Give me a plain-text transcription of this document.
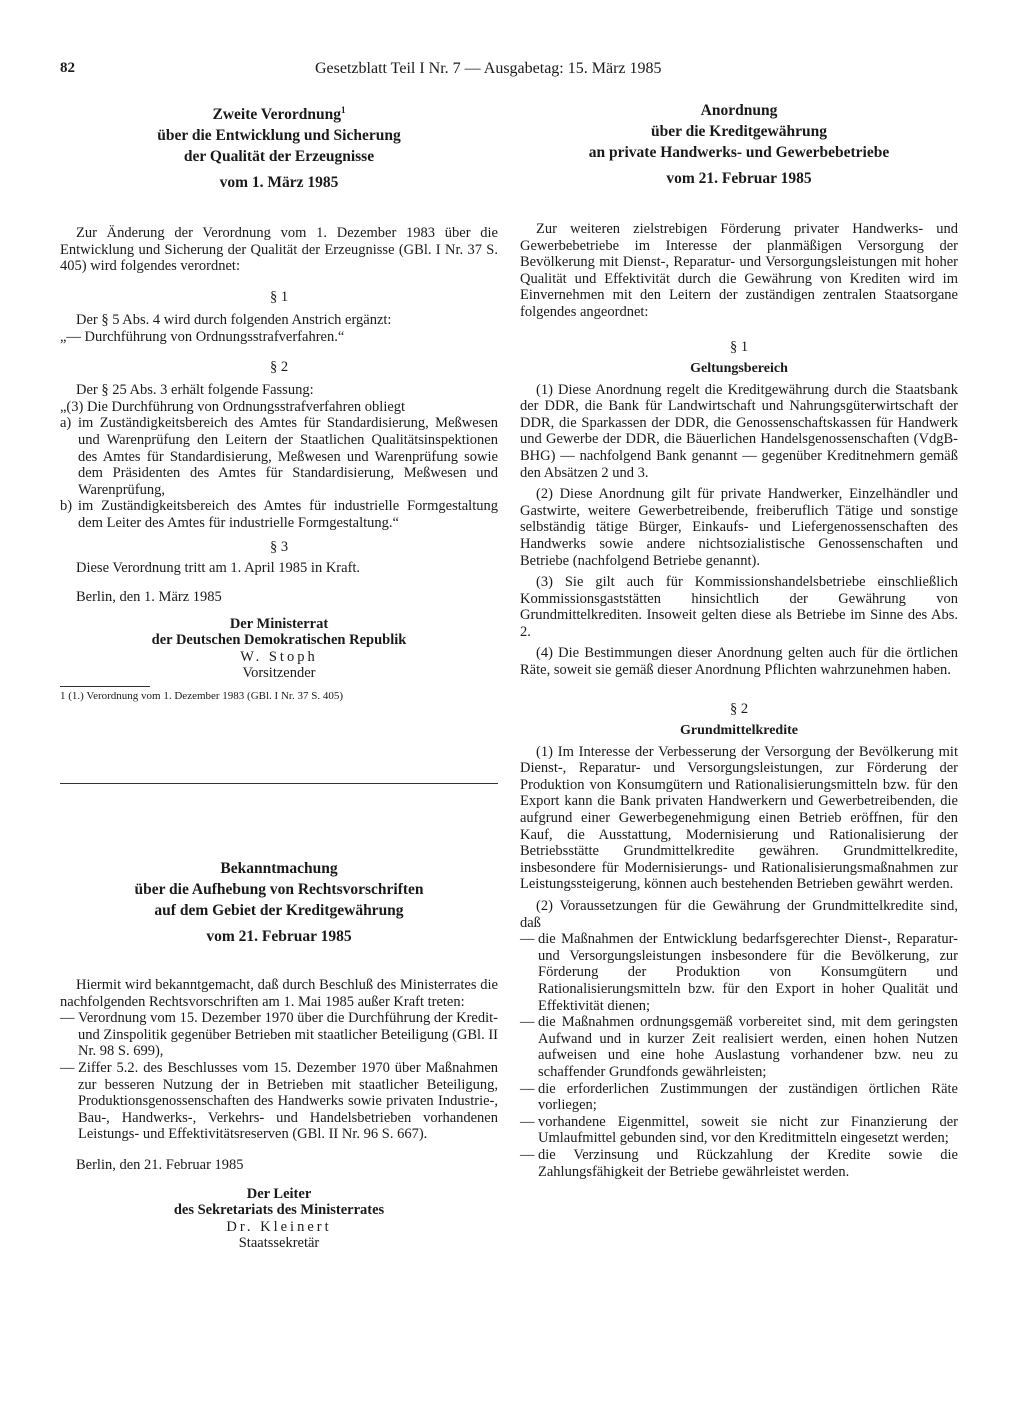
82	Gesetzblatt Teil I Nr. 7 — Ausgabetag: 15. März 1985
Zweite Verordnung$^1$
über die Entwicklung und Sicherung
der Qualität der Erzeugnisse
vom 1. März 1985

Zur Änderung der Verordnung vom 1. Dezember 1983 über die Entwicklung und Sicherung der Qualität der Erzeugnisse (GBl. I Nr. 37 S. 405) wird folgendes verordnet:

§ 1

Der § 5 Abs. 4 wird durch folgenden Anstrich ergänzt:

„— Durchführung von Ordnungsstrafverfahren.“

§ 2

Der § 25 Abs. 3 erhält folgende Fassung:

„(3) Die Durchführung von Ordnungsstrafverfahren obliegt

a) im Zuständigkeitsbereich des Amtes für Standardisierung, Meßwesen und Warenprüfung den Leitern der Staatlichen Qualitätsinspektionen des Amtes für Standardisierung, Meßwesen und Warenprüfung sowie dem Präsidenten des Amtes für Standardisierung, Meßwesen und Warenprüfung,
b) im Zuständigkeitsbereich des Amtes für industrielle Formgestaltung dem Leiter des Amtes für industrielle Formgestaltung.“
§ 3

Diese Verordnung tritt am 1. April 1985 in Kraft.

Berlin, den 1. März 1985

Der Ministerrat
der Deutschen Demokratischen Republik
W. Stoph
Vorsitzender
1 (1.) Verordnung vom 1. Dezember 1983 (GBl. I Nr. 37 S. 405)
Bekanntmachung
über die Aufhebung von Rechtsvorschriften
auf dem Gebiet der Kreditgewährung
vom 21. Februar 1985

Hiermit wird bekanntgemacht, daß durch Beschluß des Ministerrates die nachfolgenden Rechtsvorschriften am 1. Mai 1985 außer Kraft treten:

— Verordnung vom 15. Dezember 1970 über die Durchführung der Kredit- und Zinspolitik gegenüber Betrieben mit staatlicher Beteiligung (GBl. II Nr. 98 S. 699),
— Ziffer 5.2. des Beschlusses vom 15. Dezember 1970 über Maßnahmen zur besseren Nutzung der in Betrieben mit staatlicher Beteiligung, Produktionsgenossenschaften des Handwerks sowie privaten Industrie-, Bau-, Handwerks-, Verkehrs- und Handelsbetrieben vorhandenen Leistungs- und Effektivitätsreserven (GBl. II Nr. 96 S. 667).

Berlin, den 21. Februar 1985

Der Leiter
des Sekretariats des Ministerrates
Dr. Kleinert
Staatssekretär
Anordnung
über die Kreditgewährung
an private Handwerks- und Gewerbebetriebe
vom 21. Februar 1985

Zur weiteren zielstrebigen Förderung privater Handwerks- und Gewerbebetriebe im Interesse der planmäßigen Versorgung der Bevölkerung mit Dienst-, Reparatur- und Versorgungsleistungen mit hoher Qualität und Effektivität durch die Gewährung von Krediten wird im Einvernehmen mit den Leitern der zuständigen zentralen Staatsorgane folgendes angeordnet:

§ 1
Geltungsbereich

(1) Diese Anordnung regelt die Kreditgewährung durch die Staatsbank der DDR, die Bank für Landwirtschaft und Nahrungsgüterwirtschaft der DDR, die Sparkassen der DDR, die Genossenschaftskassen für Handwerk und Gewerbe der DDR, die Bäuerlichen Handelsgenossenschaften (VdgB-BHG) — nachfolgend Bank genannt — gegenüber Kreditnehmern gemäß den Absätzen 2 und 3.

(2) Diese Anordnung gilt für private Handwerker, Einzelhändler und Gastwirte, weitere Gewerbetreibende, freiberuflich Tätige und sonstige selbständig tätige Bürger, Einkaufs- und Liefergenossenschaften des Handwerks sowie andere nichtsozialistische Genossenschaften und Betriebe (nachfolgend Betriebe genannt).

(3) Sie gilt auch für Kommissionshandelsbetriebe einschließlich Kommissionsgaststätten hinsichtlich der Gewährung von Grundmittelkrediten. Insoweit gelten diese als Betriebe im Sinne des Abs. 2.

(4) Die Bestimmungen dieser Anordnung gelten auch für die örtlichen Räte, soweit sie gemäß dieser Anordnung Pflichten wahrzunehmen haben.

§ 2
Grundmittelkredite

(1) Im Interesse der Verbesserung der Versorgung der Bevölkerung mit Dienst-, Reparatur- und Versorgungsleistungen, zur Förderung der Produktion von Konsumgütern und Rationalisierungsmitteln bzw. für den Export kann die Bank privaten Handwerkern und Gewerbetreibenden, die aufgrund einer Gewerbegenehmigung einen Betrieb eröffnen, für den Kauf, die Ausstattung, Modernisierung und Rationalisierung der Betriebsstätte Grundmittelkredite gewähren. Grundmittelkredite, insbesondere für Modernisierungs- und Rationalisierungsmaßnahmen zur Leistungssteigerung, können auch bestehenden Betrieben gewährt werden.

(2) Voraussetzungen für die Gewährung der Grundmittelkredite sind, daß

— die Maßnahmen der Entwicklung bedarfsgerechter Dienst-, Reparatur- und Versorgungsleistungen insbesondere für die Bevölkerung, zur Förderung der Produktion von Konsumgütern und Rationalisierungsmitteln bzw. für den Export in hoher Qualität und Effektivität dienen;
— die Maßnahmen ordnungsgemäß vorbereitet sind, mit dem geringsten Aufwand und in kurzer Zeit realisiert werden, einen hohen Nutzen aufweisen und eine hohe Auslastung vorhandener bzw. neu zu schaffender Grundfonds gewährleisten;
— die erforderlichen Zustimmungen der zuständigen örtlichen Räte vorliegen;
— vorhandene Eigenmittel, soweit sie nicht zur Finanzierung der Umlaufmittel gebunden sind, vor den Kreditmitteln eingesetzt werden;
— die Verzinsung und Rückzahlung der Kredite sowie die Zahlungsfähigkeit der Betriebe gewährleistet werden.
